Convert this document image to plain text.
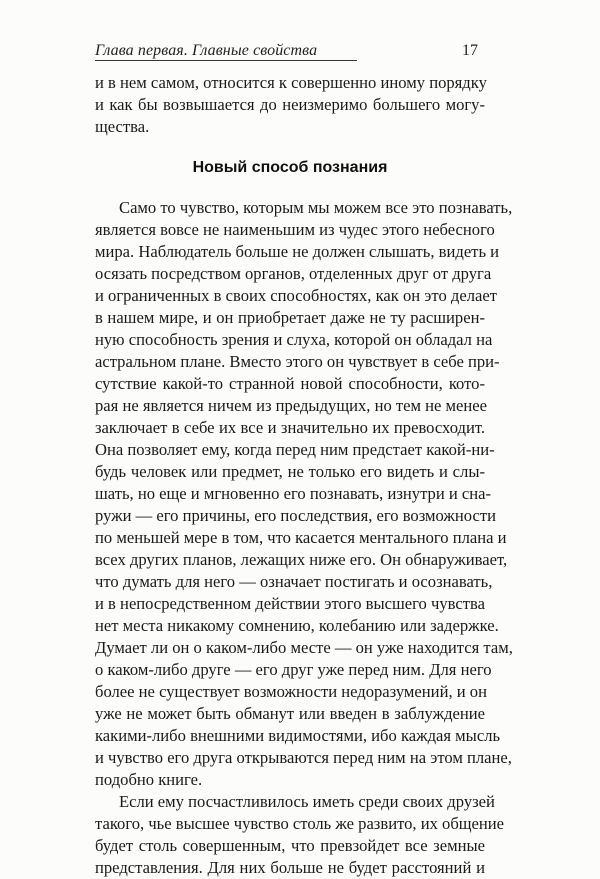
Глава первая. Главные свойства	17
и в нем самом, относится к совершенно иному порядку
и как бы возвышается до неизмеримо большего могу-
щества.
Новый способ познания
Само то чувство, которым мы можем все это познавать,
является вовсе не наименьшим из чудес этого небесного
мира. Наблюдатель больше не должен слышать, видеть и
осязать посредством органов, отделенных друг от друга
и ограниченных в своих способностях, как он это делает
в нашем мире, и он приобретает даже не ту расширен-
ную способность зрения и слуха, которой он обладал на
астральном плане. Вместо этого он чувствует в себе при-
сутствие какой-то странной новой способности, кото-
рая не является ничем из предыдущих, но тем не менее
заключает в себе их все и значительно их превосходит.
Она позволяет ему, когда перед ним предстает какой-ни-
будь человек или предмет, не только его видеть и слы-
шать, но еще и мгновенно его познавать, изнутри и сна-
ружи — его причины, его последствия, его возможности
по меньшей мере в том, что касается ментального плана и
всех других планов, лежащих ниже его. Он обнаруживает,
что думать для него — означает постигать и осознавать,
и в непосредственном действии этого высшего чувства
нет места никакому сомнению, колебанию или задержке.
Думает ли он о каком-либо месте — он уже находится там,
о каком-либо друге — его друг уже перед ним. Для него
более не существует возможности недоразумений, и он
уже не может быть обманут или введен в заблуждение
какими-либо внешними видимостями, ибо каждая мысль
и чувство его друга открываются перед ним на этом плане,
подобно книге.
Если ему посчастливилось иметь среди своих друзей
такого, чье высшее чувство столь же развито, их общение
будет столь совершенным, что превзойдет все земные
представления. Для них больше не будет расстояний и
